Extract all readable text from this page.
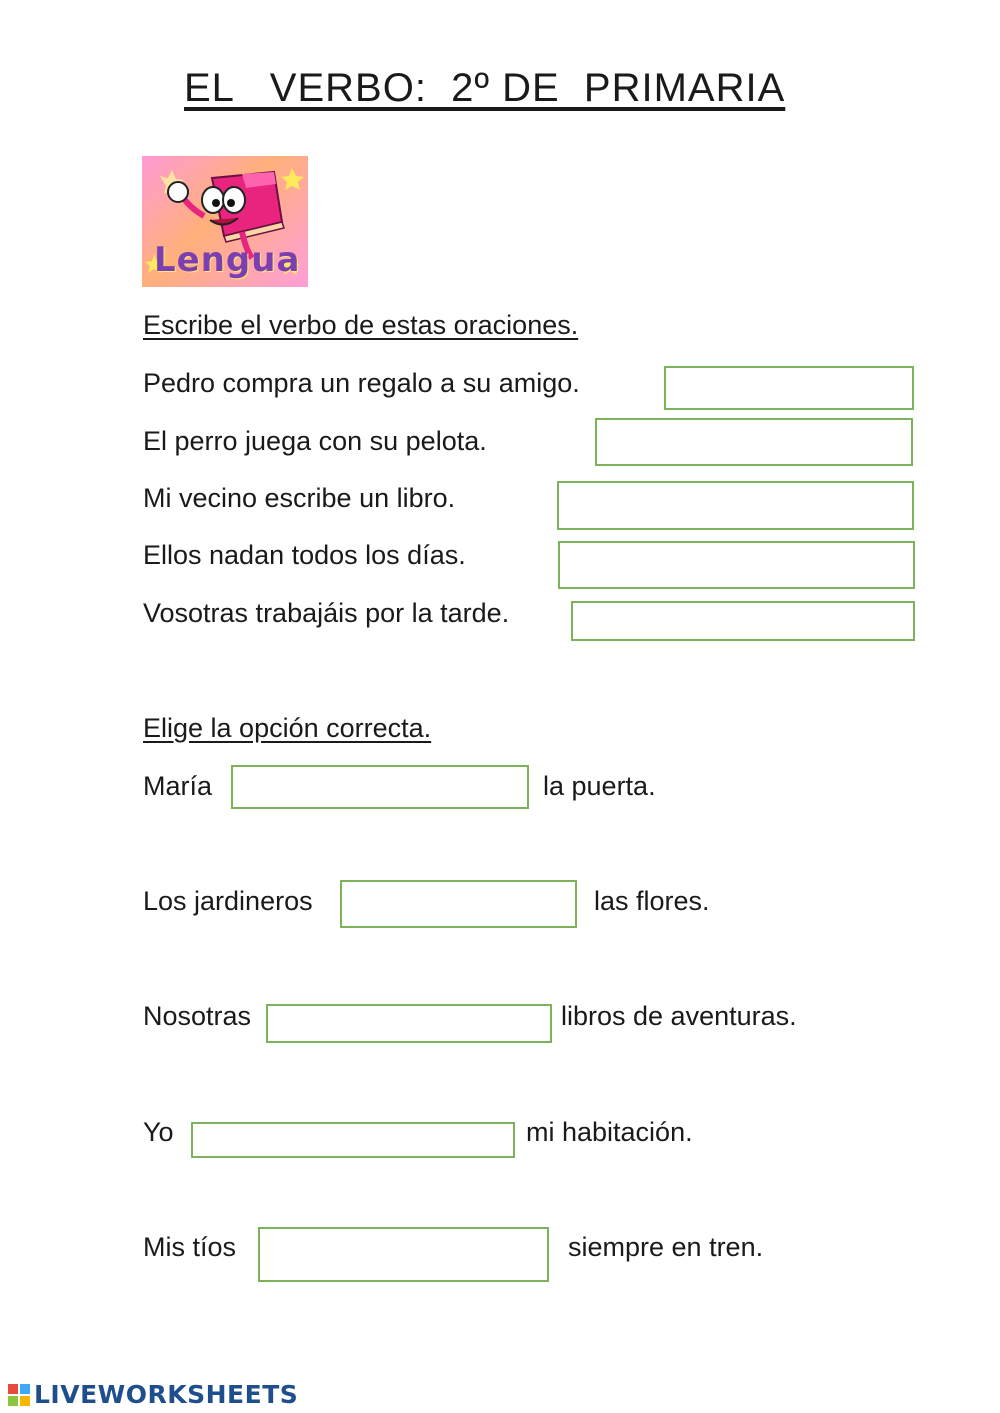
EL   VERBO:  2º DE  PRIMARIA
Lengua
Escribe el verbo de estas oraciones.
Pedro compra un regalo a su amigo.
El perro juega con su pelota.
Mi vecino escribe un libro.
Ellos nadan todos los días.
Vosotras trabajáis por la tarde.
Elige la opción correcta.
María	la puerta.
Los jardineros	las flores.
Nosotras	libros de aventuras.
Yo	mi habitación.
Mis tíos	siempre en tren.
LIVEWORKSHEETS
